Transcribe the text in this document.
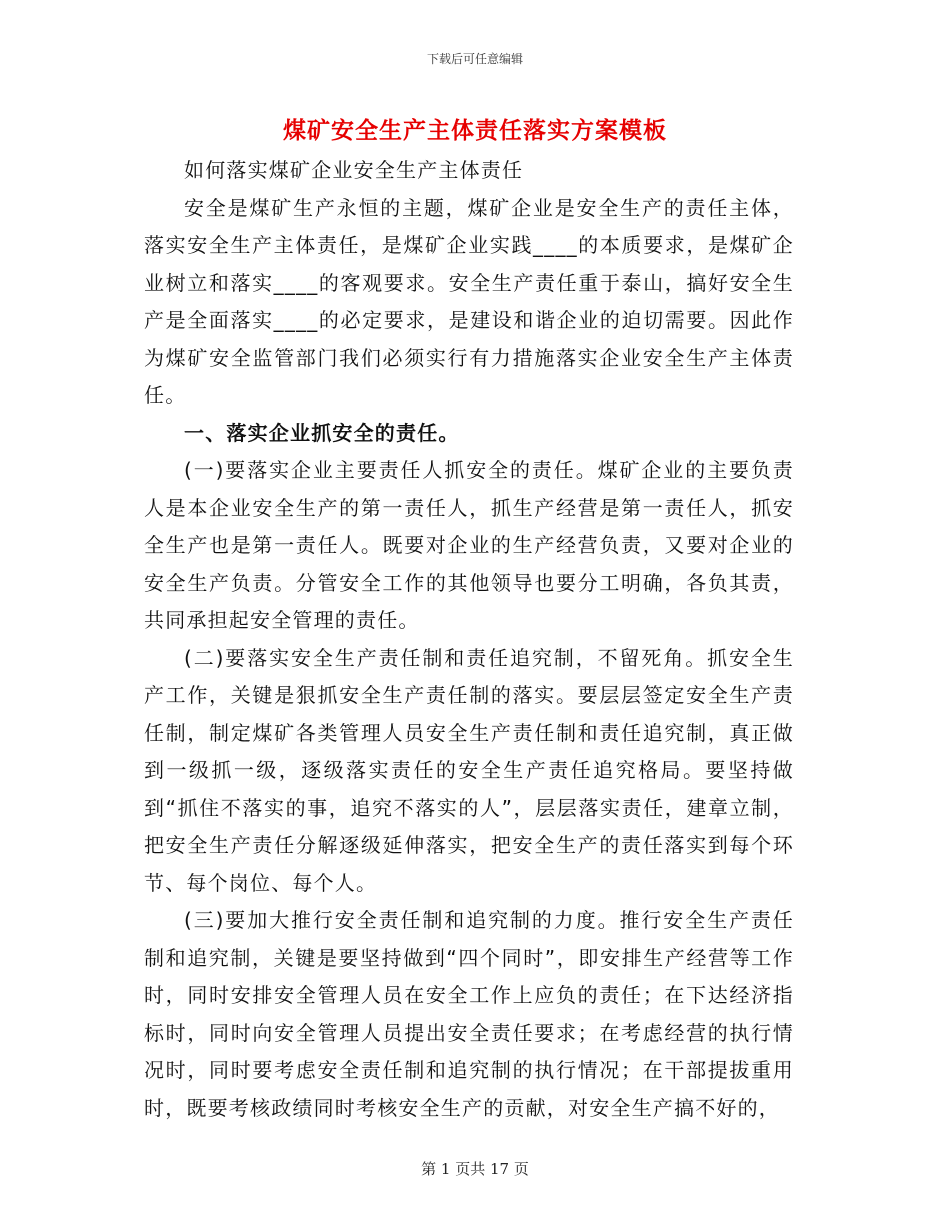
下载后可任意编辑
煤矿安全生产主体责任落实方案模板

如何落实煤矿企业安全生产主体责任

安全是煤矿生产永恒的主题，煤矿企业是安全生产的责任主体，落实安全生产主体责任，是煤矿企业实践____的本质要求，是煤矿企业树立和落实____的客观要求。安全生产责任重于泰山，搞好安全生产是全面落实____的必定要求，是建设和谐企业的迫切需要。因此作为煤矿安全监管部门我们必须实行有力措施落实企业安全生产主体责任。

一、落实企业抓安全的责任。

(一)要落实企业主要责任人抓安全的责任。煤矿企业的主要负责人是本企业安全生产的第一责任人，抓生产经营是第一责任人，抓安全生产也是第一责任人。既要对企业的生产经营负责，又要对企业的安全生产负责。分管安全工作的其他领导也要分工明确，各负其责，共同承担起安全管理的责任。

(二)要落实安全生产责任制和责任追究制，不留死角。抓安全生产工作，关键是狠抓安全生产责任制的落实。要层层签定安全生产责任制，制定煤矿各类管理人员安全生产责任制和责任追究制，真正做到一级抓一级，逐级落实责任的安全生产责任追究格局。要坚持做到“抓住不落实的事，追究不落实的人”，层层落实责任，建章立制，把安全生产责任分解逐级延伸落实，把安全生产的责任落实到每个环节、每个岗位、每个人。

(三)要加大推行安全责任制和追究制的力度。推行安全生产责任制和追究制，关键是要坚持做到“四个同时”，即安排生产经营等工作时，同时安排安全管理人员在安全工作上应负的责任；在下达经济指标时，同时向安全管理人员提出安全责任要求；在考虑经营的执行情况时，同时要考虑安全责任制和追究制的执行情况；在干部提拔重用时，既要考核政绩同时考核安全生产的贡献，对安全生产搞不好的，

第 1 页共 17 页
